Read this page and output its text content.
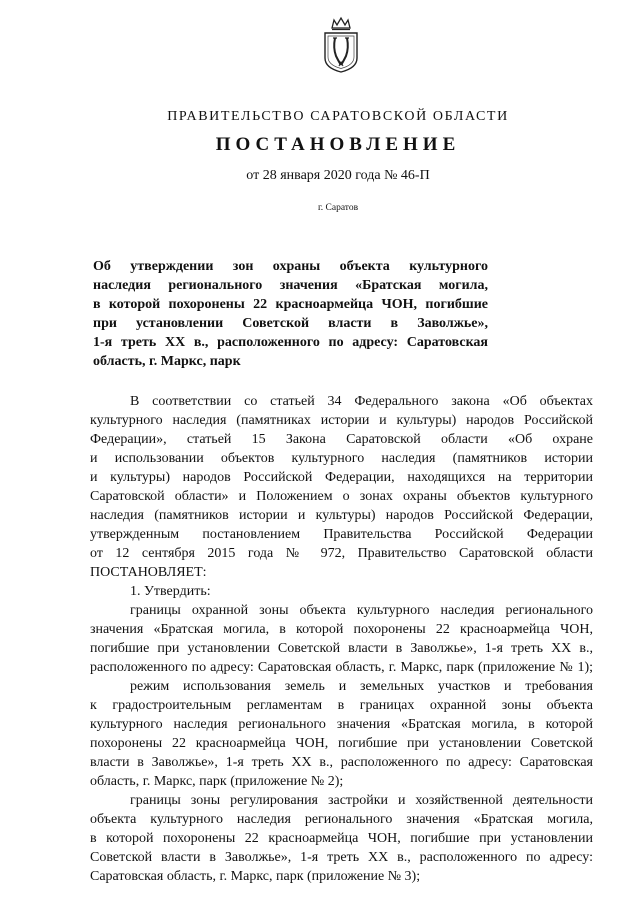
ПРАВИТЕЛЬСТВО САРАТОВСКОЙ ОБЛАСТИ
ПОСТАНОВЛЕНИЕ
от 28 января 2020 года № 46-П
г. Саратов
Об утверждении зон охраны объекта культурного
наследия регионального значения «Братская могила,
в которой похоронены 22 красноармейца ЧОН, погибшие
при установлении Советской власти в Заволжье»,
1-я треть XX в., расположенного по адресу: Саратовская
область, г. Маркс, парк
В соответствии со статьей 34 Федерального закона «Об объектах
культурного наследия (памятниках истории и культуры) народов Российской
Федерации», статьей 15 Закона Саратовской области «Об охране
и использовании объектов культурного наследия (памятников истории
и культуры) народов Российской Федерации, находящихся на территории
Саратовской области» и Положением о зонах охраны объектов культурного
наследия (памятников истории и культуры) народов Российской Федерации,
утвержденным постановлением Правительства Российской Федерации
от 12 сентября 2015 года № 972, Правительство Саратовской области
ПОСТАНОВЛЯЕТ:
1. Утвердить:
границы охранной зоны объекта культурного наследия регионального
значения «Братская могила, в которой похоронены 22 красноармейца ЧОН,
погибшие при установлении Советской власти в Заволжье», 1-я треть XX в.,
расположенного по адресу: Саратовская область, г. Маркс, парк (приложение № 1);
режим использования земель и земельных участков и требования
к градостроительным регламентам в границах охранной зоны объекта
культурного наследия регионального значения «Братская могила, в которой
похоронены 22 красноармейца ЧОН, погибшие при установлении Советской
власти в Заволжье», 1-я треть XX в., расположенного по адресу: Саратовская
область, г. Маркс, парк (приложение № 2);
границы зоны регулирования застройки и хозяйственной деятельности
объекта культурного наследия регионального значения «Братская могила,
в которой похоронены 22 красноармейца ЧОН, погибшие при установлении
Советской власти в Заволжье», 1-я треть XX в., расположенного по адресу:
Саратовская область, г. Маркс, парк (приложение № 3);
